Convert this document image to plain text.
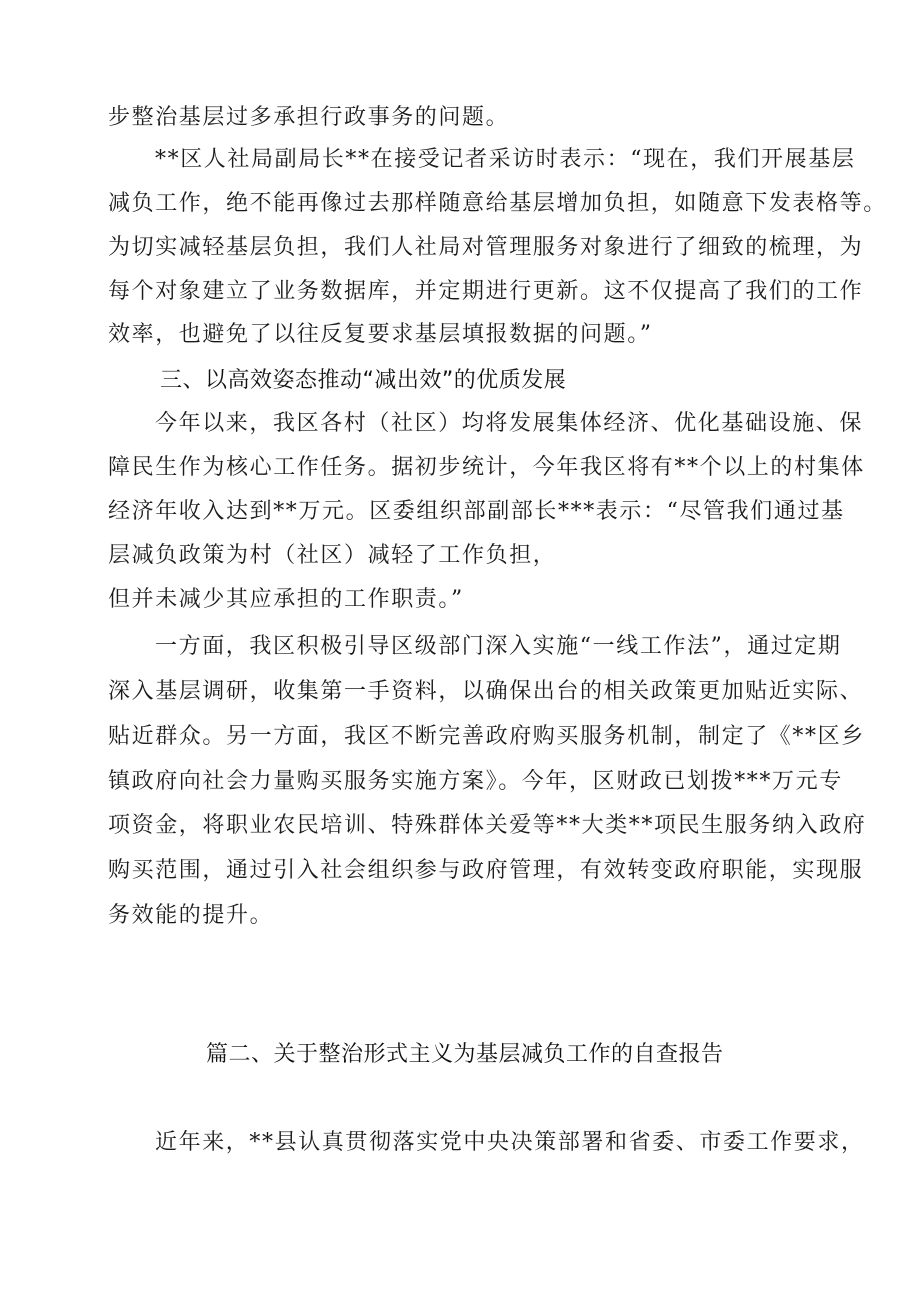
步整治基层过多承担行政事务的问题。
**区人社局副局长**在接受记者采访时表示：“现在，我们开展基层
减负工作，绝不能再像过去那样随意给基层增加负担，如随意下发表格等。
为切实减轻基层负担，我们人社局对管理服务对象进行了细致的梳理，为
每个对象建立了业务数据库，并定期进行更新。这不仅提高了我们的工作
效率，也避免了以往反复要求基层填报数据的问题。”
三、以高效姿态推动“减出效”的优质发展
今年以来，我区各村（社区）均将发展集体经济、优化基础设施、保
障民生作为核心工作任务。据初步统计，今年我区将有**个以上的村集体
经济年收入达到**万元。区委组织部副部长***表示：“尽管我们通过基
层减负政策为村（社区）减轻了工作负担，
但并未减少其应承担的工作职责。”
一方面，我区积极引导区级部门深入实施“一线工作法”，通过定期
深入基层调研，收集第一手资料，以确保出台的相关政策更加贴近实际、
贴近群众。另一方面，我区不断完善政府购买服务机制，制定了《**区乡
镇政府向社会力量购买服务实施方案》。今年，区财政已划拨***万元专
项资金，将职业农民培训、特殊群体关爱等**大类**项民生服务纳入政府
购买范围，通过引入社会组织参与政府管理，有效转变政府职能，实现服
务效能的提升。
篇二、关于整治形式主义为基层减负工作的自查报告
近年来，**县认真贯彻落实党中央决策部署和省委、市委工作要求，
